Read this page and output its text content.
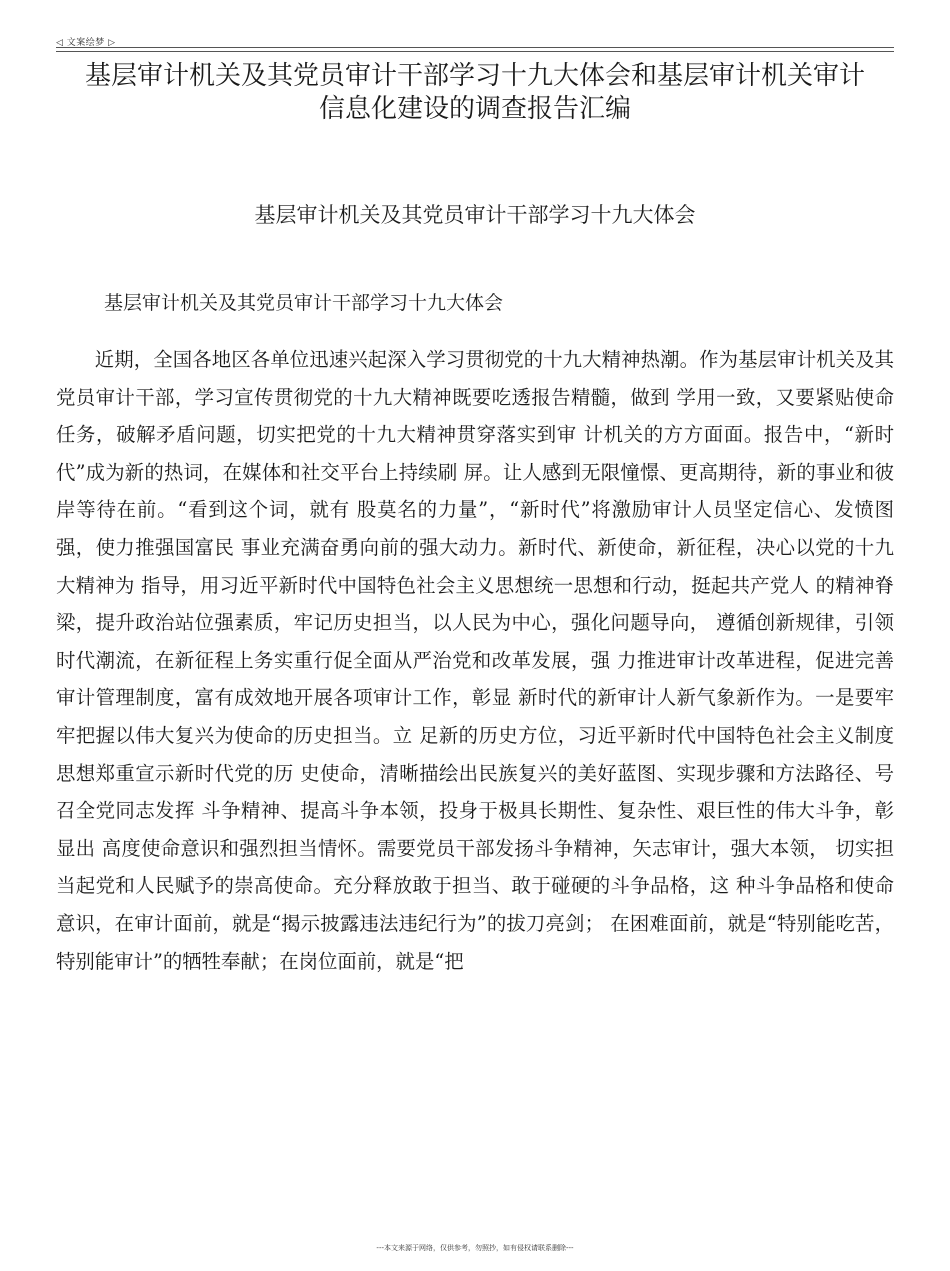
◁ 文案绘梦 ▷
基层审计机关及其党员审计干部学习十九大体会和基层审计机关审计
信息化建设的调查报告汇编
基层审计机关及其党员审计干部学习十九大体会

基层审计机关及其党员审计干部学习十九大体会

近期，全国各地区各单位迅速兴起深入学习贯彻党的十九大精神热潮。作为基层审计机关及其党员审计干部，学习宣传贯彻党的十九大精神既要吃透报告精髓，做到 学用一致，又要紧贴使命任务，破解矛盾问题，切实把党的十九大精神贯穿落实到审 计机关的方方面面。报告中，“新时代”成为新的热词，在媒体和社交平台上持续刷 屏。让人感到无限憧憬、更高期待，新的事业和彼岸等待在前。“看到这个词，就有 股莫名的力量”，“新时代”将激励审计人员坚定信心、发愤图强，使力推强国富民 事业充满奋勇向前的强大动力。新时代、新使命，新征程，决心以党的十九大精神为 指导，用习近平新时代中国特色社会主义思想统一思想和行动，挺起共产党人 的精神脊梁，提升政治站位强素质，牢记历史担当，以人民为中心，强化问题导向， 遵循创新规律，引领时代潮流，在新征程上务实重行促全面从严治党和改革发展，强 力推进审计改革进程，促进完善审计管理制度，富有成效地开展各项审计工作，彰显 新时代的新审计人新气象新作为。一是要牢牢把握以伟大复兴为使命的历史担当。立 足新的历史方位，习近平新时代中国特色社会主义制度思想郑重宣示新时代党的历 史使命，清晰描绘出民族复兴的美好蓝图、实现步骤和方法路径、号召全党同志发挥 斗争精神、提高斗争本领，投身于极具长期性、复杂性、艰巨性的伟大斗争，彰显出 高度使命意识和强烈担当情怀。需要党员干部发扬斗争精神，矢志审计，强大本领， 切实担当起党和人民赋予的崇高使命。充分释放敢于担当、敢于碰硬的斗争品格，这 种斗争品格和使命意识，在审计面前，就是“揭示披露违法违纪行为”的拔刀亮剑； 在困难面前，就是“特别能吃苦，特别能审计”的牺牲奉献；在岗位面前，就是“把

---本文来源于网络，仅供参考，勿照抄，如有侵权请联系删除---
